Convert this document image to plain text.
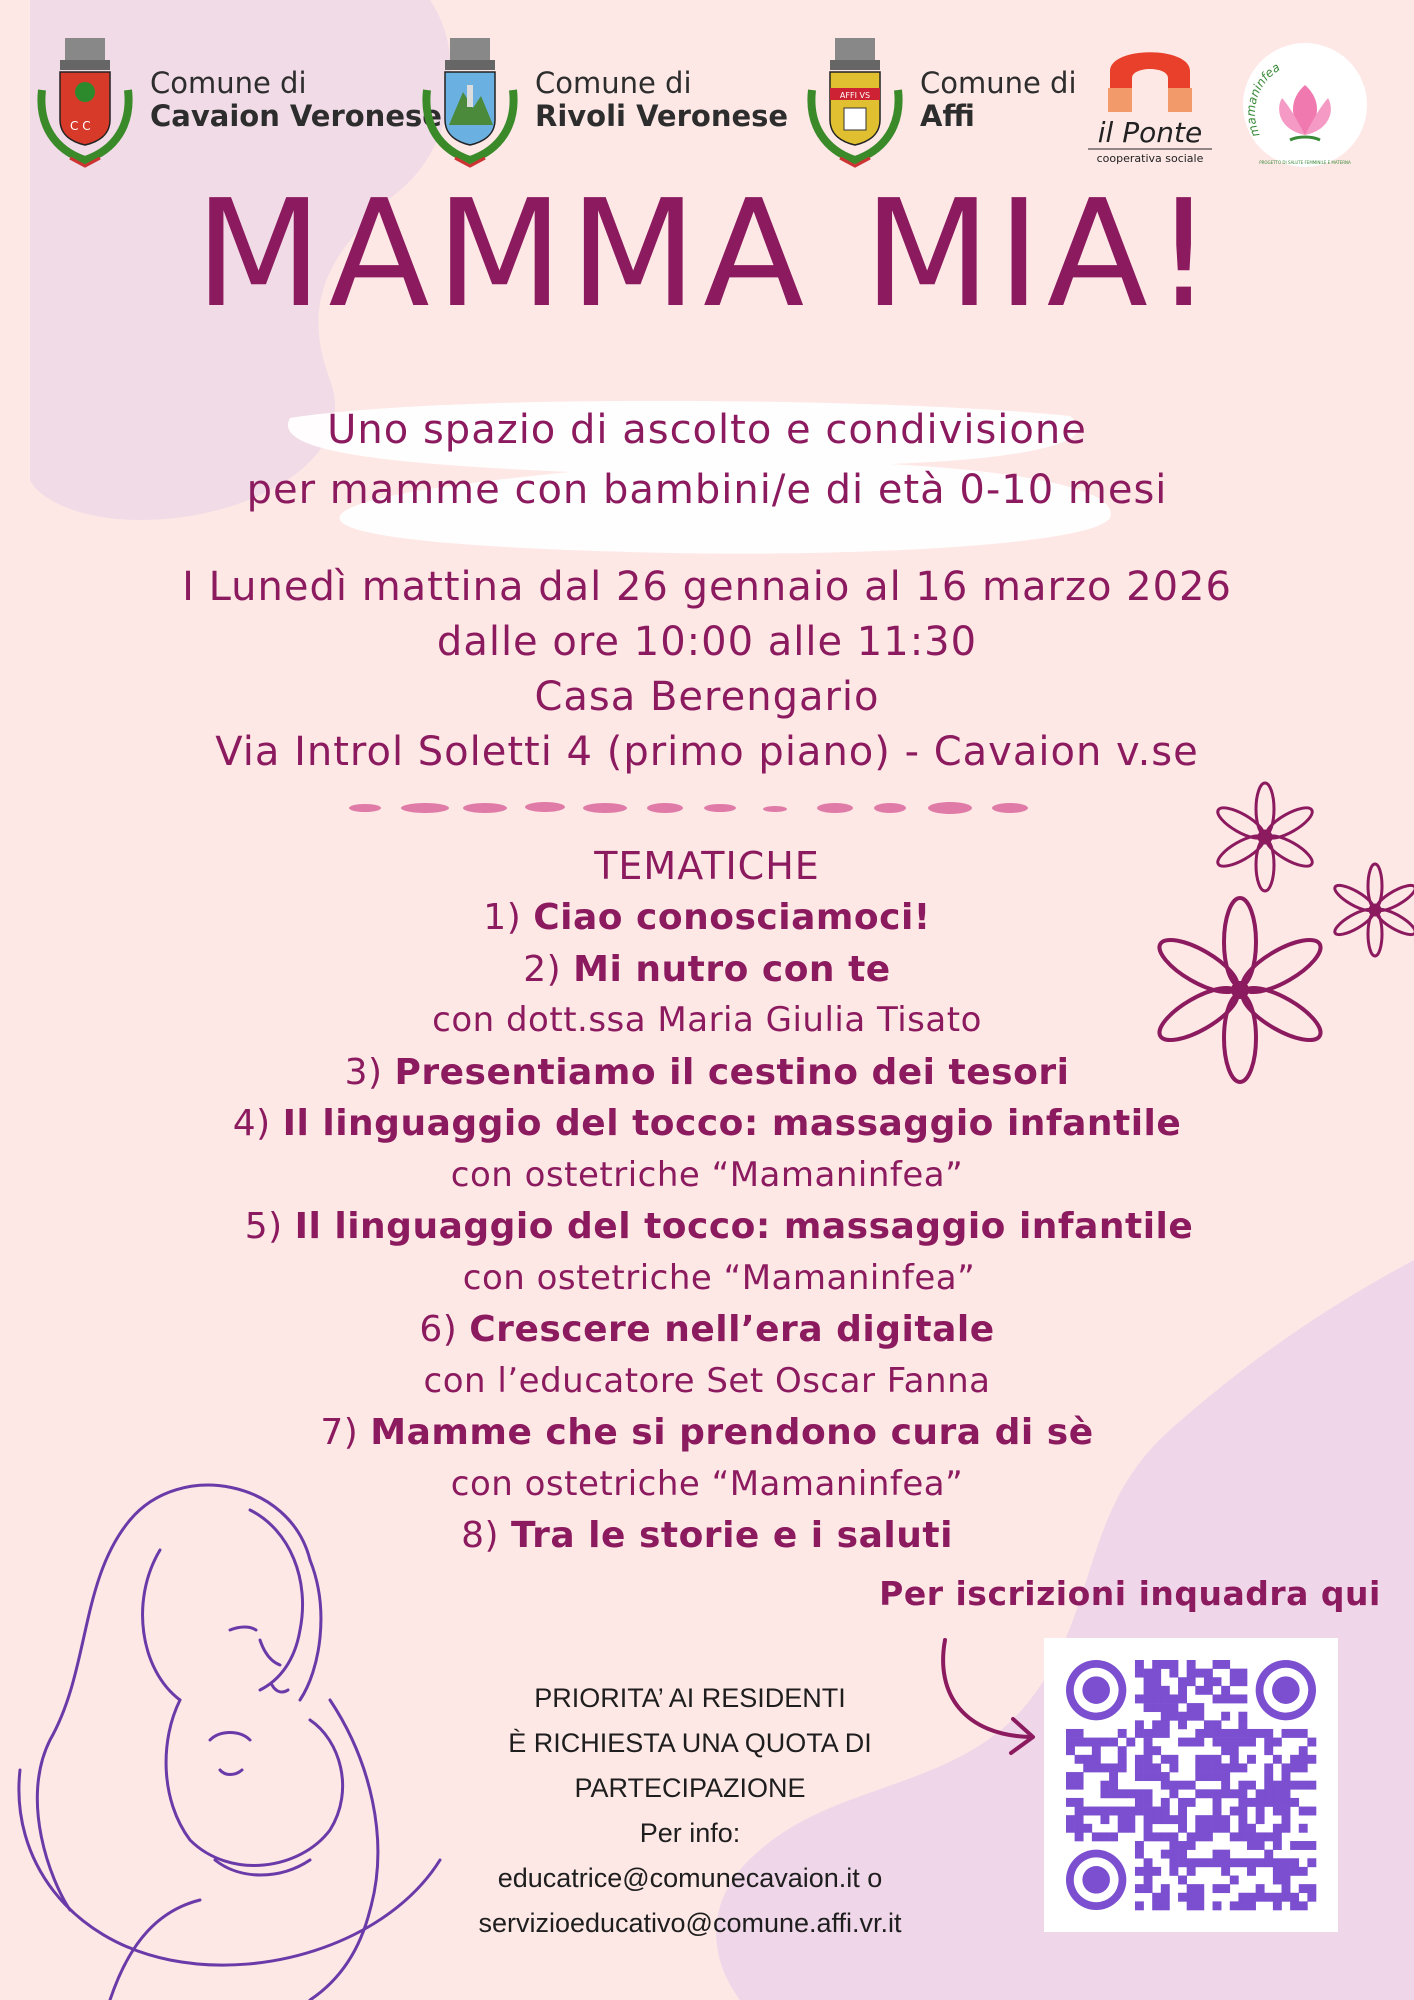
C C
Comune di
Cavaion Veronese
Comune di
Rivoli Veronese
AFFI VS Comune di
Affi	il Ponte
cooperativa sociale
mamaninfea
PROGETTO DI SALUTE FEMMINILE E MATERNA
MAMMA MIA!
Uno spazio di ascolto e condivisione
per mamme con bambini/e di età 0-10 mesi
I Lunedì mattina dal 26 gennaio al 16 marzo 2026
dalle ore 10:00 alle 11:30
Casa Berengario
Via Introl Soletti 4 (primo piano) - Cavaion v.se
TEMATICHE
1) Ciao conosciamoci!
2) Mi nutro con te
con dott.ssa Maria Giulia Tisato
3) Presentiamo il cestino dei tesori
4) Il linguaggio del tocco: massaggio infantile
con ostetriche “Mamaninfea”
5) Il linguaggio del tocco: massaggio infantile
con ostetriche “Mamaninfea”
6) Crescere nell’era digitale
con l’educatore Set Oscar Fanna
7) Mamme che si prendono cura di sè
con ostetriche “Mamaninfea”
8) Tra le storie e i saluti
Per iscrizioni inquadra qui
PRIORITA’ AI RESIDENTI
È RICHIESTA UNA QUOTA DI
PARTECIPAZIONE
Per info:
educatrice@comunecavaion.it o
servizioeducativo@comune.affi.vr.it
